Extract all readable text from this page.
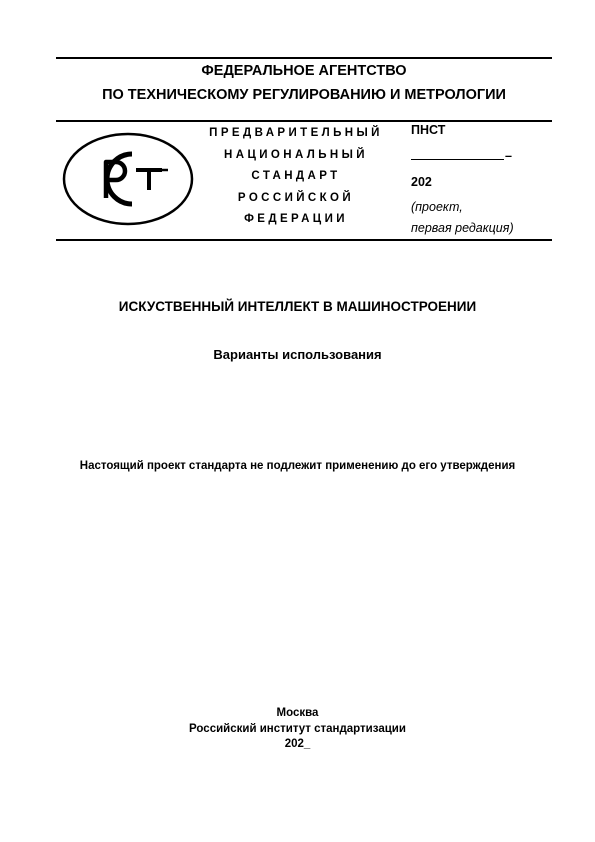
ФЕДЕРАЛЬНОЕ АГЕНТСТВО
ПО ТЕХНИЧЕСКОМУ РЕГУЛИРОВАНИЮ И МЕТРОЛОГИИ
ПРЕДВАРИТЕЛЬНЫЙ
НАЦИОНАЛЬНЫЙ
СТАНДАРТ
РОССИЙСКОЙ
ФЕДЕРАЦИИ
ПНСТ
–
202
(проект,
первая редакция)
ИСКУСТВЕННЫЙ ИНТЕЛЛЕКТ В МАШИНОСТРОЕНИИ
Варианты использования
Настоящий проект стандарта не подлежит применению до его утверждения
Москва
Российский институт стандартизации
202_
